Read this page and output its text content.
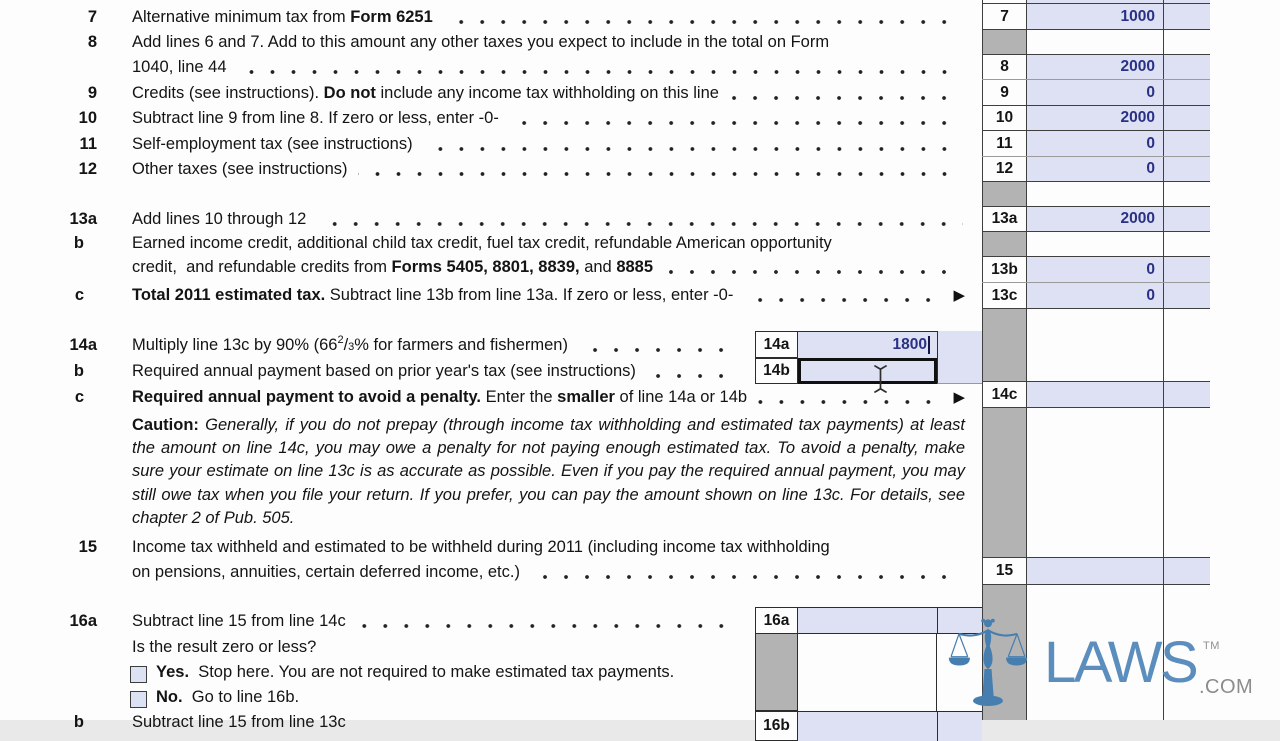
7 Alternative minimum tax from Form 6251
8 Add lines 6 and 7. Add to this amount any other taxes you expect to include in the total on Form
1040, line 44
9 Credits (see instructions). Do not include any income tax withholding on this line
10 Subtract line 9 from line 8. If zero or less, enter -0-
11 Self-employment tax (see instructions)
12 Other taxes (see instructions)
13a Add lines 10 through 12
b	Earned income credit, additional child tax credit, fuel tax credit, refundable American opportunity
credit,  and refundable credits from Forms 5405, 8801, 8839, and 8885
c	Total 2011 estimated tax. Subtract line 13b from line 13a. If zero or less, enter -0-	▶
14a Multiply line 13c by 90% (66 2 / 3 % for farmers and fishermen)
b	Required annual payment based on prior year's tax (see instructions)
c	Required annual payment to avoid a penalty. Enter the smaller of line 14a or 14b	▶
15 Income tax withheld and estimated to be withheld during 2011 (including income tax withholding
on pensions, annuities, certain deferred income, etc.)
16a Subtract line 15 from line 14c
Is the result zero or less?
Yes. Stop here. You are not required to make estimated tax payments.
No. Go to line 16b.
b	Subtract line 15 from line 13c
Caution: Generally, if you do not prepay (through income tax withholding and estimated tax payments) at least the amount on line 14c, you may owe a penalty for not paying enough estimated tax. To avoid a penalty, make sure your estimate on line 13c is as accurate as possible. Even if you pay the required annual payment, you may still owe tax when you file your return. If you prefer, you can pay the amount shown on line 13c. For details, see chapter 2 of Pub. 505.
7	1000
8	2000
9	0
10	2000
11	0
12	0
13a	2000
13b	0
13c	0
14c
15
14a	1800
14b
16a
16b
LAWS TM
.COM
